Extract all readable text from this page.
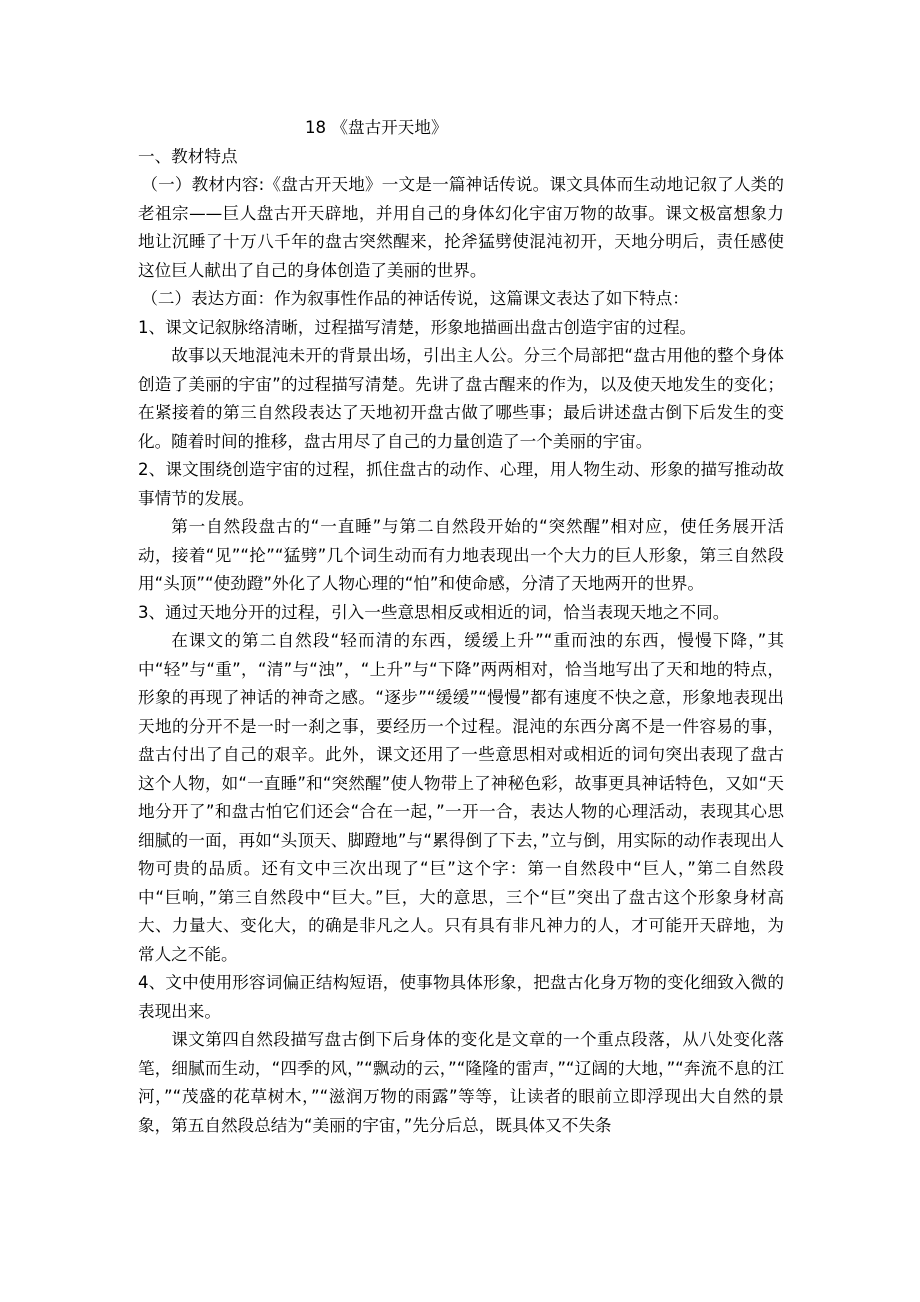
18 《盘古开天地》

一、教材特点

（一）教材内容:《盘古开天地》一文是一篇神话传说。课文具体而生动地记叙了人类的老祖宗——巨人盘古开天辟地，并用自己的身体幻化宇宙万物的故事。课文极富想象力地让沉睡了十万八千年的盘古突然醒来，抡斧猛劈使混沌初开，天地分明后，责任感使这位巨人献出了自己的身体创造了美丽的世界。

（二）表达方面：作为叙事性作品的神话传说，这篇课文表达了如下特点：

1、课文记叙脉络清晰，过程描写清楚，形象地描画出盘古创造宇宙的过程。

故事以天地混沌未开的背景出场，引出主人公。分三个局部把“盘古用他的整个身体创造了美丽的宇宙”的过程描写清楚。先讲了盘古醒来的作为，以及使天地发生的变化；在紧接着的第三自然段表达了天地初开盘古做了哪些事；最后讲述盘古倒下后发生的变化。随着时间的推移，盘古用尽了自己的力量创造了一个美丽的宇宙。

2、课文围绕创造宇宙的过程，抓住盘古的动作、心理，用人物生动、形象的描写推动故事情节的发展。

第一自然段盘古的“一直睡”与第二自然段开始的“突然醒”相对应，使任务展开活动，接着“见”“抡”“猛劈”几个词生动而有力地表现出一个大力的巨人形象，第三自然段用“头顶”“使劲蹬”外化了人物心理的“怕”和使命感，分清了天地两开的世界。

3、通过天地分开的过程，引入一些意思相反或相近的词，恰当表现天地之不同。

在课文的第二自然段“轻而清的东西，缓缓上升”“重而浊的东西，慢慢下降，”其中“轻”与“重”，“清”与“浊”，“上升”与“下降”两两相对，恰当地写出了天和地的特点，形象的再现了神话的神奇之感。“逐步”“缓缓”“慢慢”都有速度不快之意，形象地表现出天地的分开不是一时一刹之事，要经历一个过程。混沌的东西分离不是一件容易的事，盘古付出了自己的艰辛。此外，课文还用了一些意思相对或相近的词句突出表现了盘古这个人物，如“一直睡”和“突然醒”使人物带上了神秘色彩，故事更具神话特色，又如“天地分开了”和盘古怕它们还会“合在一起，”一开一合，表达人物的心理活动，表现其心思细腻的一面，再如“头顶天、脚蹬地”与“累得倒了下去，”立与倒，用实际的动作表现出人物可贵的品质。还有文中三次出现了“巨”这个字：第一自然段中“巨人，”第二自然段中“巨响，”第三自然段中“巨大。”巨，大的意思，三个“巨”突出了盘古这个形象身材高大、力量大、变化大，的确是非凡之人。只有具有非凡神力的人，才可能开天辟地，为常人之不能。

4、文中使用形容词偏正结构短语，使事物具体形象，把盘古化身万物的变化细致入微的表现出来。

课文第四自然段描写盘古倒下后身体的变化是文章的一个重点段落，从八处变化落笔，细腻而生动，“四季的风，”“飘动的云，”“隆隆的雷声，”“辽阔的大地，”“奔流不息的江河，”“茂盛的花草树木，”“滋润万物的雨露”等等，让读者的眼前立即浮现出大自然的景象，第五自然段总结为“美丽的宇宙，”先分后总，既具体又不失条
